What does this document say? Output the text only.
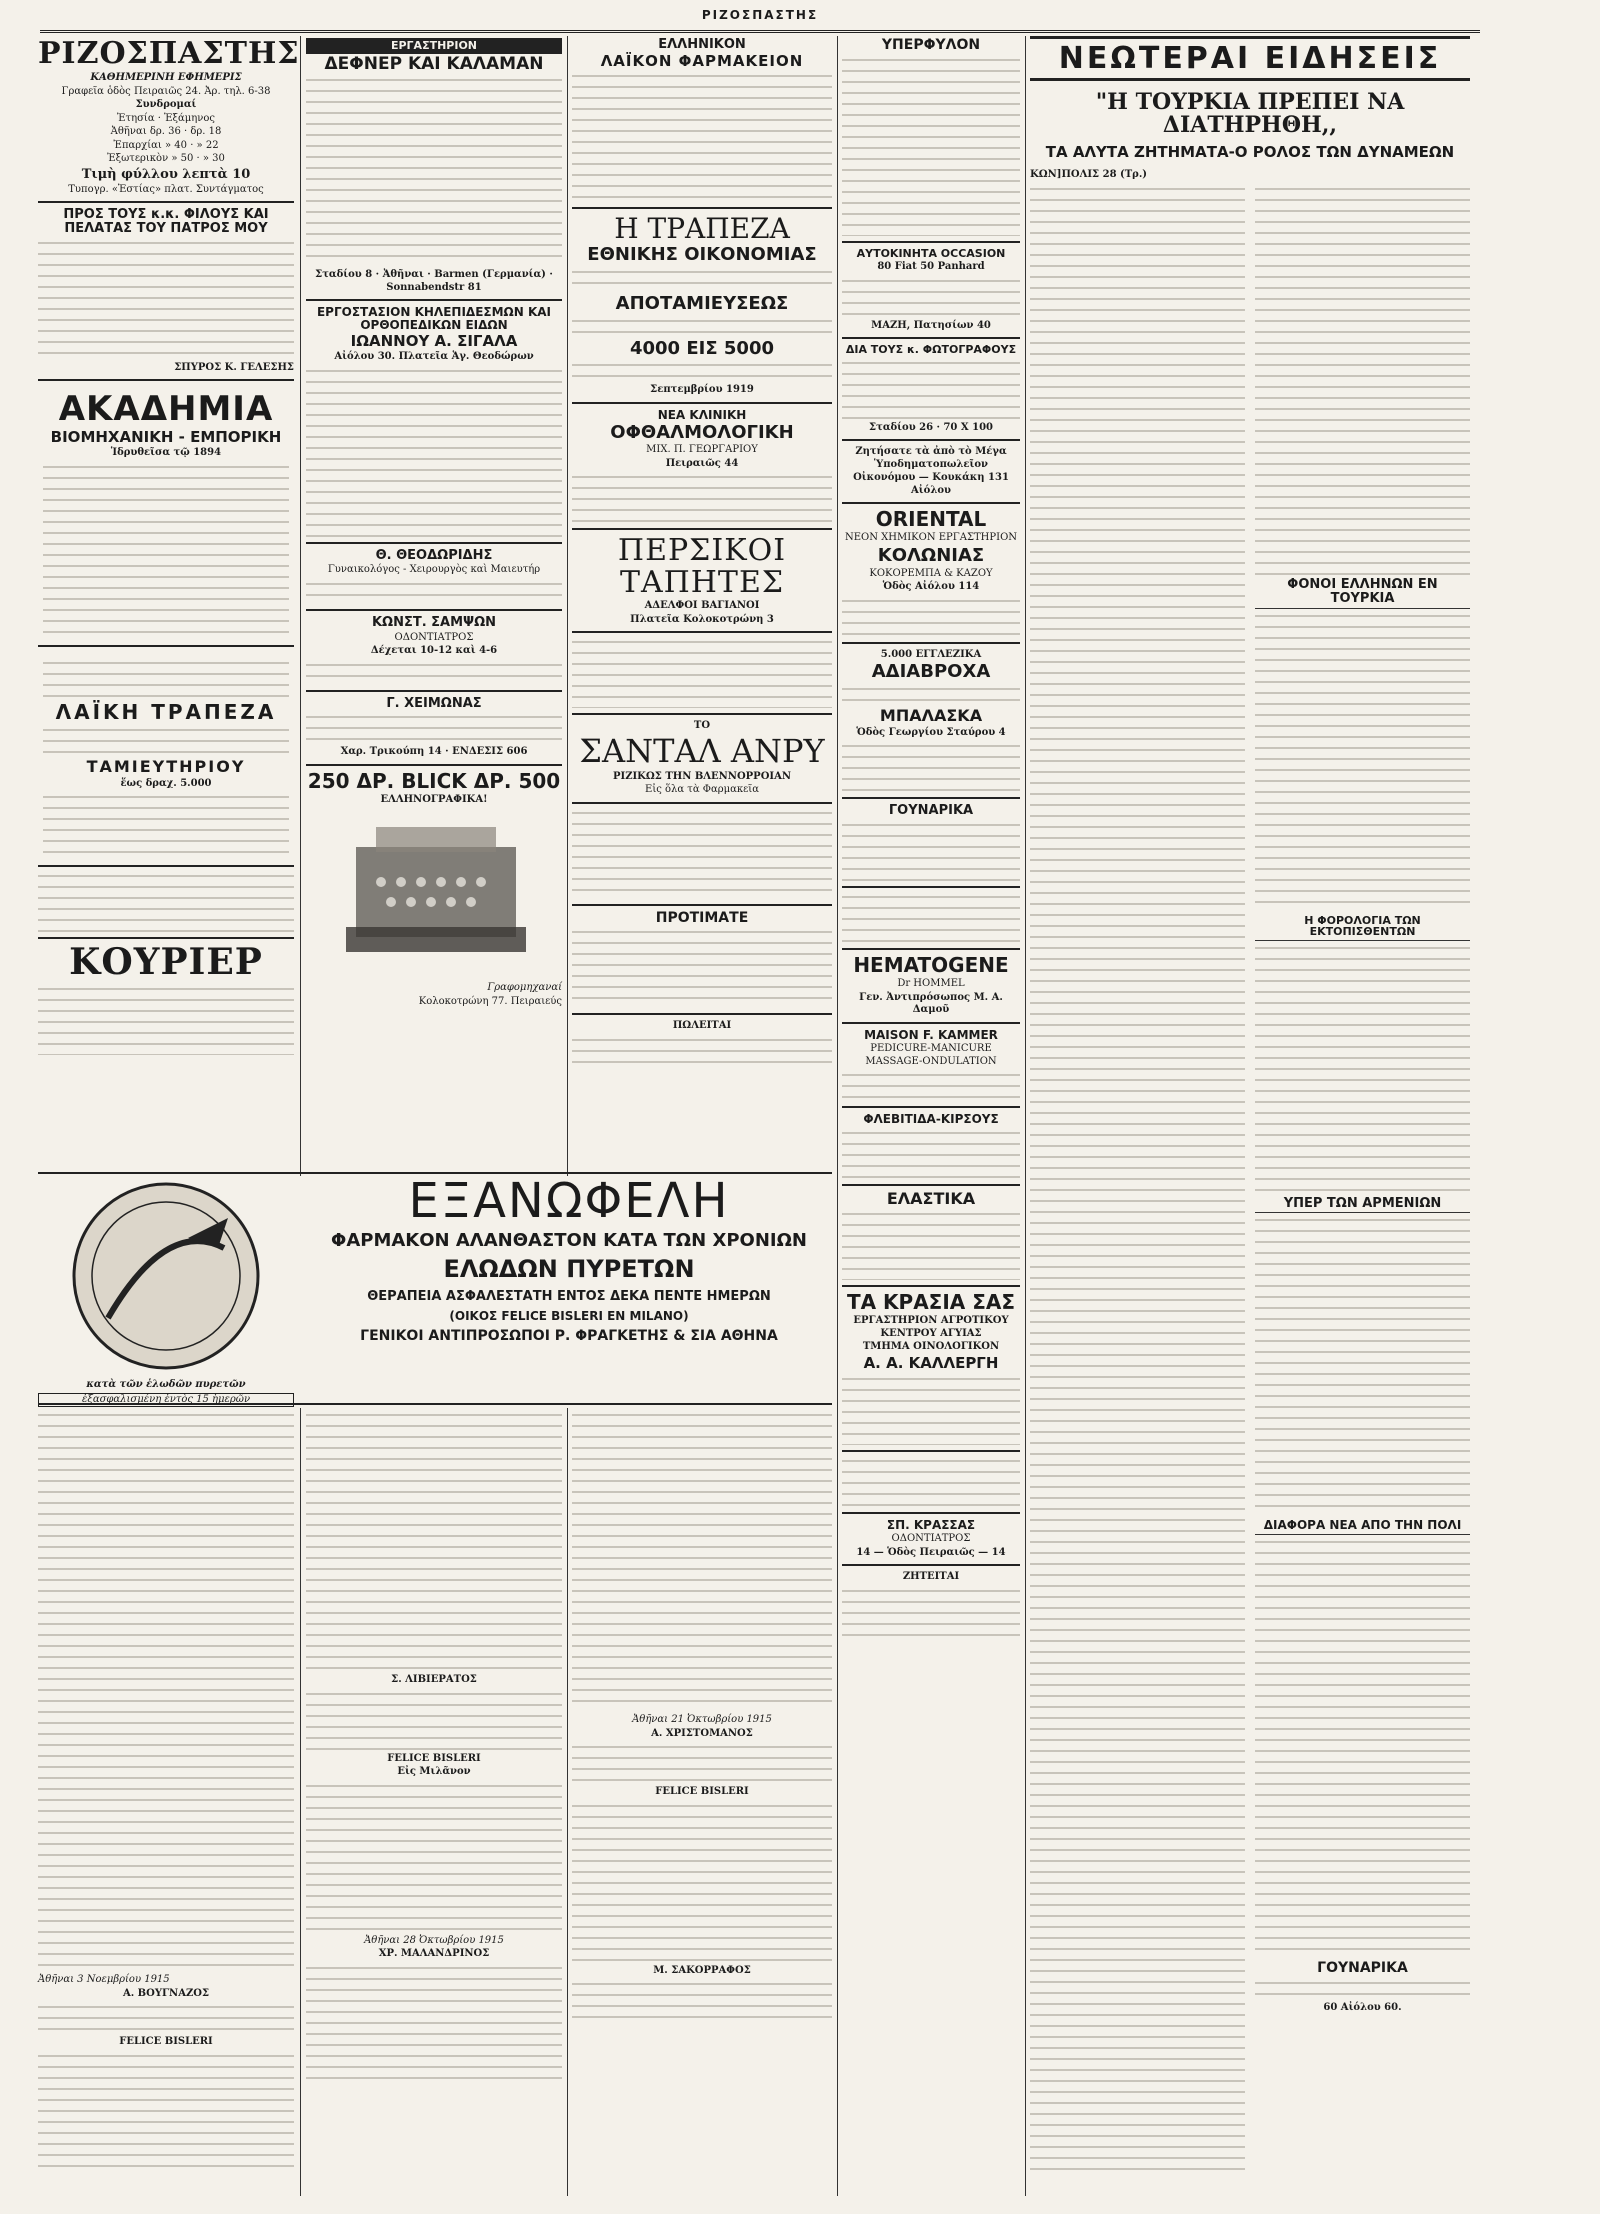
ΡΙΖΟΣΠΑΣΤΗΣ

ΡΙΖΟΣΠΑΣΤΗΣ

ΚΑΘΗΜΕΡΙΝΗ ΕΦΗΜΕΡΙΣ
Γραφεῖα ὁδὸς Πειραιῶς 24. Ἀρ. τηλ. 6-38
Συνδρομαί
Ἐτησία · Ἑξάμηνος
Ἀθῆναι δρ. 36 · δρ. 18
Ἐπαρχίαι » 40 · » 22
Ἐξωτερικὸν » 50 · » 30
Τιμὴ φύλλου λεπτὰ 10
Τυπογρ. «Ἑστίας» πλατ. Συντάγματος
ΠΡΟΣ ΤΟΥΣ κ.κ. ΦΙΛΟΥΣ ΚΑΙ ΠΕΛΑΤΑΣ ΤΟΥ ΠΑΤΡΟΣ ΜΟΥ
ΣΠΥΡΟΣ Κ. ΓΕΛΕΣΗΣ
ΑΚΑΔΗΜΙΑ
ΒΙΟΜΗΧΑΝΙΚΗ - ΕΜΠΟΡΙΚΗ
Ἱδρυθεῖσα τῷ 1894
ΛΑΪΚΗ ΤΡΑΠΕΖΑ
ΤΑΜΙΕΥΤΗΡΙΟΥ
ἕως δραχ. 5.000
ΚΟΥΡΙΕΡ
ΕΡΓΑΣΤΗΡΙΟΝ
ΔΕΦΝΕΡ ΚΑΙ ΚΑΛΑΜΑΝ
Σταδίου 8 · Ἀθῆναι · Barmen (Γερμανία) · Sonnabendstr 81
ΕΡΓΟΣΤΑΣΙΟΝ ΚΗΛΕΠΙΔΕΣΜΩΝ ΚΑΙ ΟΡΘΟΠΕΔΙΚΩΝ ΕΙΔΩΝ
ΙΩΑΝΝΟΥ Α. ΣΙΓΑΛΑ
Αἰόλου 30. Πλατεῖα Ἁγ. Θεοδώρων
Θ. ΘΕΟΔΩΡΙΔΗΣ
Γυναικολόγος - Χειρουργὸς καὶ Μαιευτήρ
ΚΩΝΣΤ. ΣΑΜΨΩΝ
ΟΔΟΝΤΙΑΤΡΟΣ
Δέχεται 10-12 καὶ 4-6
Γ. ΧΕΙΜΩΝΑΣ
Χαρ. Τρικούπη 14 · ΕΝΔΕΣΙΣ 606
250 ΔΡ. BLICK ΔΡ. 500
ΕΛΛΗΝΟΓΡΑΦΙΚΑ!
Γραφομηχαναί
Κολοκοτρώνη 77. Πειραιεύς
ΕΛΛΗΝΙΚΟΝ
ΛΑΪΚΟΝ ΦΑΡΜΑΚΕΙΟΝ
Η ΤΡΑΠΕΖΑ
ΕΘΝΙΚΗΣ ΟΙΚΟΝΟΜΙΑΣ
ΑΠΟΤΑΜΙΕΥΣΕΩΣ
4000 ΕΙΣ 5000
Σεπτεμβρίου 1919
ΝΕΑ ΚΛΙΝΙΚΗ
ΟΦΘΑΛΜΟΛΟΓΙΚΗ
ΜΙΧ. Π. ΓΕΩΡΓΑΡΙΟΥ
Πειραιῶς 44
ΠΕΡΣΙΚΟΙ ΤΑΠΗΤΕΣ
ΑΔΕΛΦΟΙ ΒΑΓΙΑΝΟΙ
Πλατεῖα Κολοκοτρώνη 3
ΤΟ
ΣΑΝΤΑΛ ΑΝΡΥ
ΡΙΖΙΚΩΣ ΤΗΝ ΒΛΕΝΝΟΡΡΟΙΑΝ
Εἰς ὅλα τὰ Φαρμακεῖα
ΠΡΟΤΙΜΑΤΕ
ΠΩΛΕΙΤΑΙ
ΥΠΕΡΦΥΛΟΝ
ΑΥΤΟΚΙΝΗΤΑ OCCASION
80 Fiat 50 Panhard
ΜΑΖΗ, Πατησίων 40
ΔΙΑ ΤΟΥΣ κ. ΦΩΤΟΓΡΑΦΟΥΣ
Σταδίου 26 · 70 Χ 100
Ζητήσατε τὰ ἀπὸ τὸ Μέγα Ὑποδηματοπωλεῖον
Οἰκονόμου — Κουκάκη 131 Αἰόλου
ORIENTAL
ΝΕΟΝ ΧΗΜΙΚΟΝ ΕΡΓΑΣΤΗΡΙΟΝ
ΚΟΛΩΝΙΑΣ
ΚΟΚΟΡΕΜΠΑ & ΚΑΖΟΥ
Ὁδὸς Αἰόλου 114
5.000 ΕΓΓΛΕΖΙΚΑ
ΑΔΙΑΒΡΟΧΑ
ΜΠΑΛΑΣΚΑ
Ὁδὸς Γεωργίου Σταύρου 4
ΓΟΥΝΑΡΙΚΑ
HEMATOGENE
Dr HOMMEL
Γεν. Ἀντιπρόσωπος Μ. Α. Δαμοῦ
MAISON F. KAMMER
PEDICURE-MANICURE MASSAGE-ONDULATION
ΦΛΕΒΙΤΙΔΑ-ΚΙΡΣΟΥΣ
ΕΛΑΣΤΙΚΑ
ΤΑ ΚΡΑΣΙΑ ΣΑΣ
ΕΡΓΑΣΤΗΡΙΟΝ ΑΓΡΟΤΙΚΟΥ ΚΕΝΤΡΟΥ ΑΓΥΙΑΣ
ΤΜΗΜΑ ΟΙΝΟΛΟΓΙΚΟΝ
Α. Α. ΚΑΛΛΕΡΓΗ
ΣΠ. ΚΡΑΣΣΑΣ
ΟΔΟΝΤΙΑΤΡΟΣ
14 — Ὁδὸς Πειραιῶς — 14
ΖΗΤΕΙΤΑΙ
ΝΕΩΤΕΡΑΙ ΕΙΔΗΣΕΙΣ
"Η ΤΟΥΡΚΙΑ ΠΡΕΠΕΙ ΝΑ ΔΙΑΤΗΡΗΘΗ,,
ΤΑ ΑΛΥΤΑ ΖΗΤΗΜΑΤΑ-Ο ΡΟΛΟΣ ΤΩΝ ΔΥΝΑΜΕΩΝ
ΚΩΝ]ΠΟΛΙΣ 28 (Τρ.)
ΦΟΝΟΙ ΕΛΛΗΝΩΝ ΕΝ ΤΟΥΡΚΙΑ
Η ΦΟΡΟΛΟΓΙΑ ΤΩΝ ΕΚΤΟΠΙΣΘΕΝΤΩΝ
ΥΠΕΡ ΤΩΝ ΑΡΜΕΝΙΩΝ
ΔΙΑΦΟΡΑ ΝΕΑ ΑΠΟ ΤΗΝ ΠΟΛΙ
ΓΟΥΝΑΡΙΚΑ
60 Αἰόλου 60.
κατὰ τῶν ἑλωδῶν πυρετῶν
ἐξασφαλισμένη ἐντὸς 15 ἡμερῶν
ΕΞΑΝΩΦΕΛΗ
ΦΑΡΜΑΚΟΝ ΑΛΑΝΘΑΣΤΟΝ ΚΑΤΑ ΤΩΝ ΧΡΟΝΙΩΝ
ΕΛΩΔΩΝ ΠΥΡΕΤΩΝ
ΘΕΡΑΠΕΙΑ ΑΣΦΑΛΕΣΤΑΤΗ ΕΝΤΟΣ ΔΕΚΑ ΠΕΝΤΕ ΗΜΕΡΩΝ
(ΟΙΚΟΣ FELICE BISLERI EN MILANO)
ΓΕΝΙΚΟΙ ΑΝΤΙΠΡΟΣΩΠΟΙ Ρ. ΦΡΑΓΚΕΤΗΣ & ΣΙΑ ΑΘΗΝΑ
Ἀθῆναι 3 Νοεμβρίου 1915
Α. ΒΟΥΓΝΑΖΟΣ
FELICE BISLERI
Σ. ΛΙΒΙΕΡΑΤΟΣ
FELICE BISLERI
Εἰς Μιλᾶνον
Ἀθῆναι 28 Ὀκτωβρίου 1915
ΧΡ. ΜΑΛΑΝΔΡΙΝΟΣ
Ἀθῆναι 21 Ὀκτωβρίου 1915
Α. ΧΡΙΣΤΟΜΑΝΟΣ
FELICE BISLERI
Μ. ΣΑΚΟΡΡΑΦΟΣ
